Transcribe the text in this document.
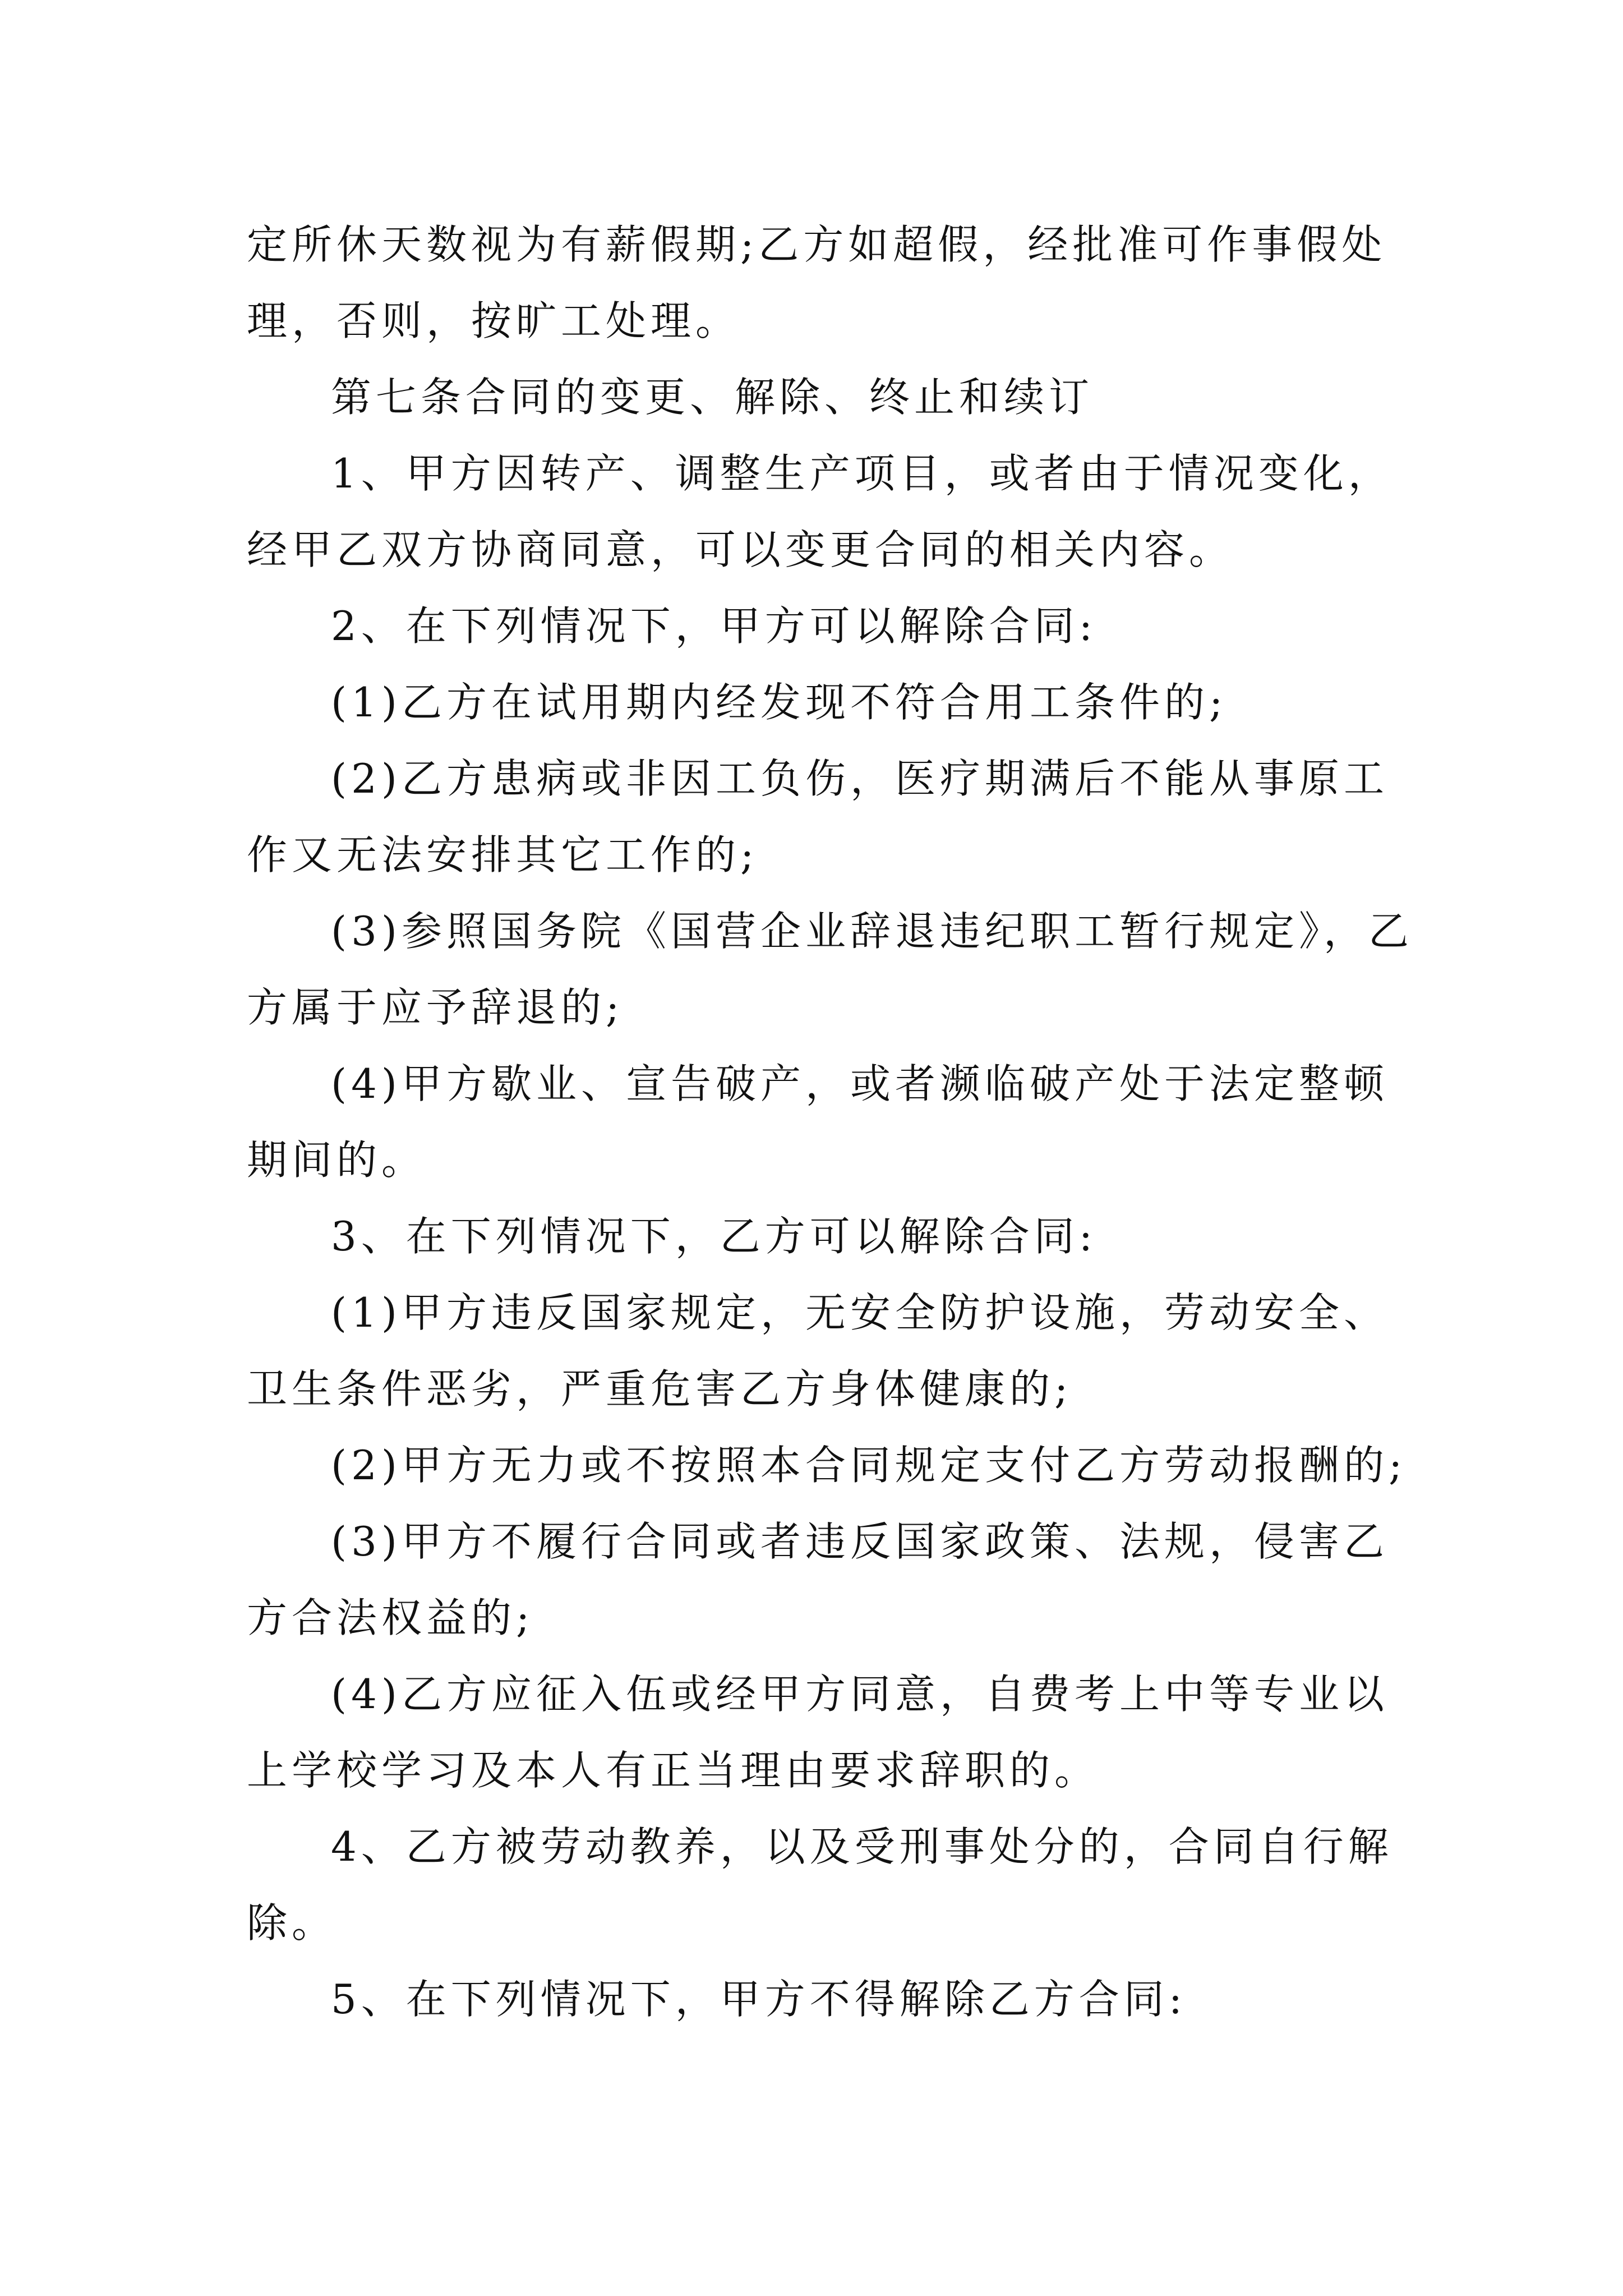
定所休天数视为有薪假期;乙方如超假，经批准可作事假处
理，否则，按旷工处理。
第七条合同的变更、解除、终止和续订
1、甲方因转产、调整生产项目，或者由于情况变化，
经甲乙双方协商同意，可以变更合同的相关内容。
2、在下列情况下，甲方可以解除合同:
(1)乙方在试用期内经发现不符合用工条件的;
(2)乙方患病或非因工负伤，医疗期满后不能从事原工
作又无法安排其它工作的;
(3)参照国务院《国营企业辞退违纪职工暂行规定》，乙
方属于应予辞退的;
(4)甲方歇业、宣告破产，或者濒临破产处于法定整顿
期间的。
3、在下列情况下，乙方可以解除合同:
(1)甲方违反国家规定，无安全防护设施，劳动安全、
卫生条件恶劣，严重危害乙方身体健康的;
(2)甲方无力或不按照本合同规定支付乙方劳动报酬的;
(3)甲方不履行合同或者违反国家政策、法规，侵害乙
方合法权益的;
(4)乙方应征入伍或经甲方同意，自费考上中等专业以
上学校学习及本人有正当理由要求辞职的。
4、乙方被劳动教养，以及受刑事处分的，合同自行解
除。
5、在下列情况下，甲方不得解除乙方合同:
